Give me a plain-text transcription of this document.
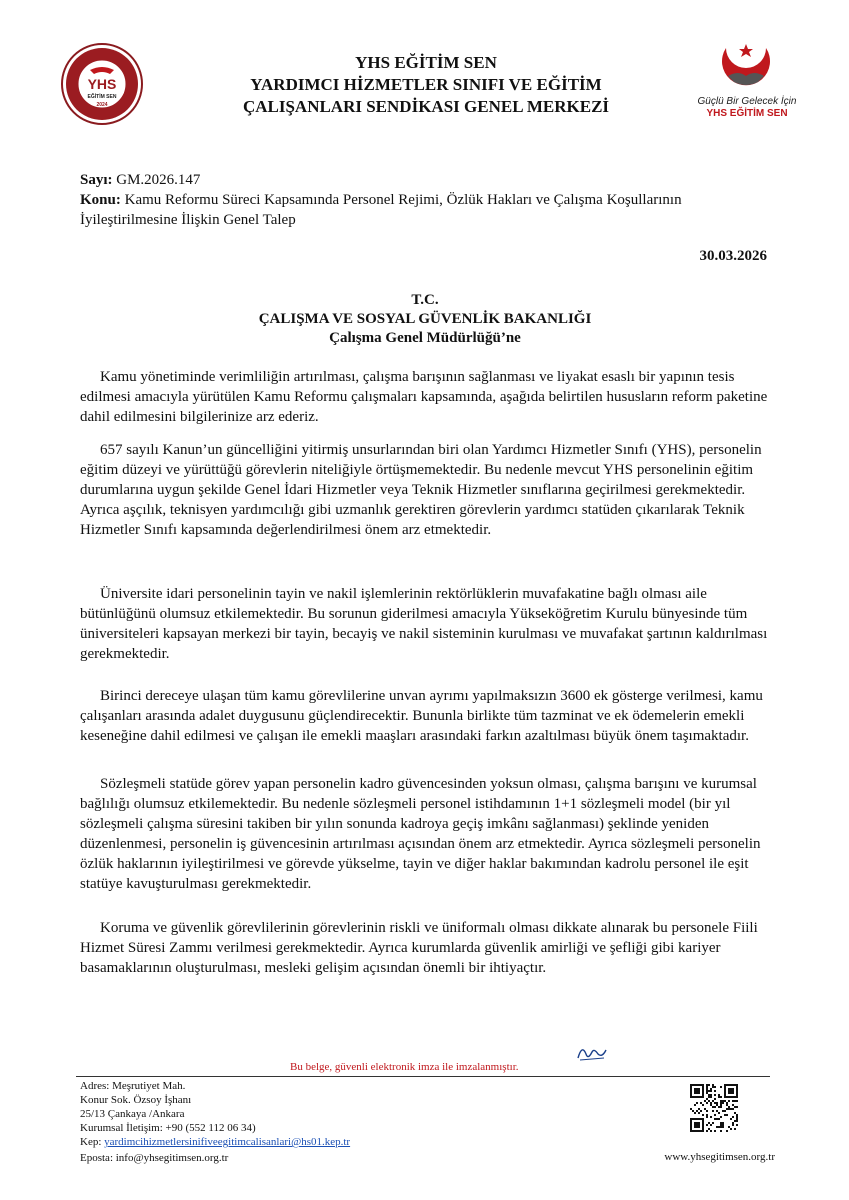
YHS
EĞİTİM SEN
2024
YHS EĞİTİM SEN
YARDIMCI HİZMETLER SINIFI VE EĞİTİM
ÇALIŞANLARI SENDİKASI GENEL MERKEZİ	Güçlü Bir Gelecek İçin
YHS EĞİTİM SEN
Sayı: GM.2026.147
Konu: Kamu Reformu Süreci Kapsamında Personel Rejimi, Özlük Hakları ve Çalışma Koşullarının İyileştirilmesine İlişkin Genel Talep
30.03.2026
T.C.
ÇALIŞMA VE SOSYAL GÜVENLİK BAKANLIĞI
Çalışma Genel Müdürlüğü’ne

Kamu yönetiminde verimliliğin artırılması, çalışma barışının sağlanması ve liyakat esaslı bir yapının tesis edilmesi amacıyla yürütülen Kamu Reformu çalışmaları kapsamında, aşağıda belirtilen hususların reform paketine dahil edilmesini bilgilerinize arz ederiz.

657 sayılı Kanun’un güncelliğini yitirmiş unsurlarından biri olan Yardımcı Hizmetler Sınıfı (YHS), personelin eğitim düzeyi ve yürüttüğü görevlerin niteliğiyle örtüşmemektedir. Bu nedenle mevcut YHS personelinin eğitim durumlarına uygun şekilde Genel İdari Hizmetler veya Teknik Hizmetler sınıflarına geçirilmesi gerekmektedir. Ayrıca aşçılık, teknisyen yardımcılığı gibi uzmanlık gerektiren görevlerin yardımcı statüden çıkarılarak Teknik Hizmetler Sınıfı kapsamında değerlendirilmesi önem arz etmektedir.

Üniversite idari personelinin tayin ve nakil işlemlerinin rektörlüklerin muvafakatine bağlı olması aile bütünlüğünü olumsuz etkilemektedir. Bu sorunun giderilmesi amacıyla Yükseköğretim Kurulu bünyesinde tüm üniversiteleri kapsayan merkezi bir tayin, becayiş ve nakil sisteminin kurulması ve muvafakat şartının kaldırılması gerekmektedir.

Birinci dereceye ulaşan tüm kamu görevlilerine unvan ayrımı yapılmaksızın 3600 ek gösterge verilmesi, kamu çalışanları arasında adalet duygusunu güçlendirecektir. Bununla birlikte tüm tazminat ve ek ödemelerin emekli keseneğine dahil edilmesi ve çalışan ile emekli maaşları arasındaki farkın azaltılması büyük önem taşımaktadır.

Sözleşmeli statüde görev yapan personelin kadro güvencesinden yoksun olması, çalışma barışını ve kurumsal bağlılığı olumsuz etkilemektedir. Bu nedenle sözleşmeli personel istihdamının 1+1 sözleşmeli model (bir yıl sözleşmeli çalışma süresini takiben bir yılın sonunda kadroya geçiş imkânı sağlanması) şeklinde yeniden düzenlenmesi, personelin iş güvencesinin artırılması açısından önem arz etmektedir. Ayrıca sözleşmeli personelin özlük haklarının iyileştirilmesi ve görevde yükselme, tayin ve diğer haklar bakımından kadrolu personel ile eşit statüye kavuşturulması gerekmektedir.

Koruma ve güvenlik görevlilerinin görevlerinin riskli ve üniformalı olması dikkate alınarak bu personele Fiili Hizmet Süresi Zammı verilmesi gerekmektedir. Ayrıca kurumlarda güvenlik amirliği ve şefliği gibi kariyer basamaklarının oluşturulması, mesleki gelişim açısından önemli bir ihtiyaçtır.

Bu belge, güvenli elektronik imza ile imzalanmıştır.
Adres: Meşrutiyet Mah.
Konur Sok. Özsoy İşhanı
25/13 Çankaya /Ankara
Kurumsal İletişim: +90 (552 112 06 34)
Kep: yardimcihizmetlersinifiveegitimcalisanlari@hs01.kep.tr
Eposta: info@yhsegitimsen.org.tr	www.yhsegitimsen.org.tr
